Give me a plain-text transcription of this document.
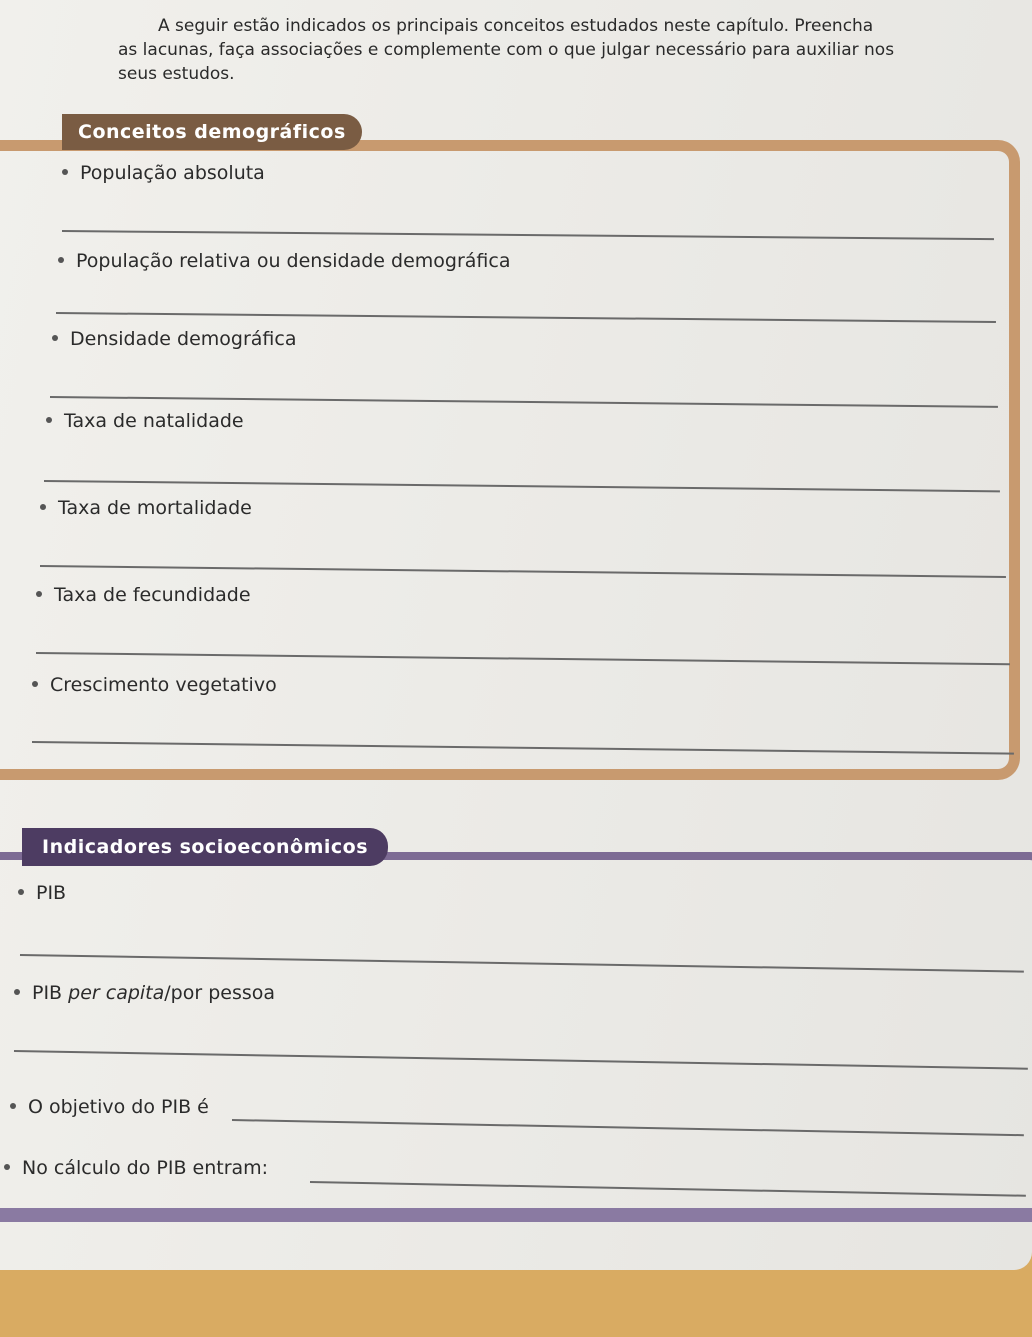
A seguir estão indicados os principais conceitos estudados neste capítulo. Preencha

as lacunas, faça associações e complemente com o que julgar necessário para auxiliar nos

seus estudos.

Conceitos demográficos
População absoluta
População relativa ou densidade demográfica
Densidade demográfica
Taxa de natalidade
Taxa de mortalidade
Taxa de fecundidade
Crescimento vegetativo
Indicadores socioeconômicos
PIB
PIB per capita/por pessoa
O objetivo do PIB é
No cálculo do PIB entram:
